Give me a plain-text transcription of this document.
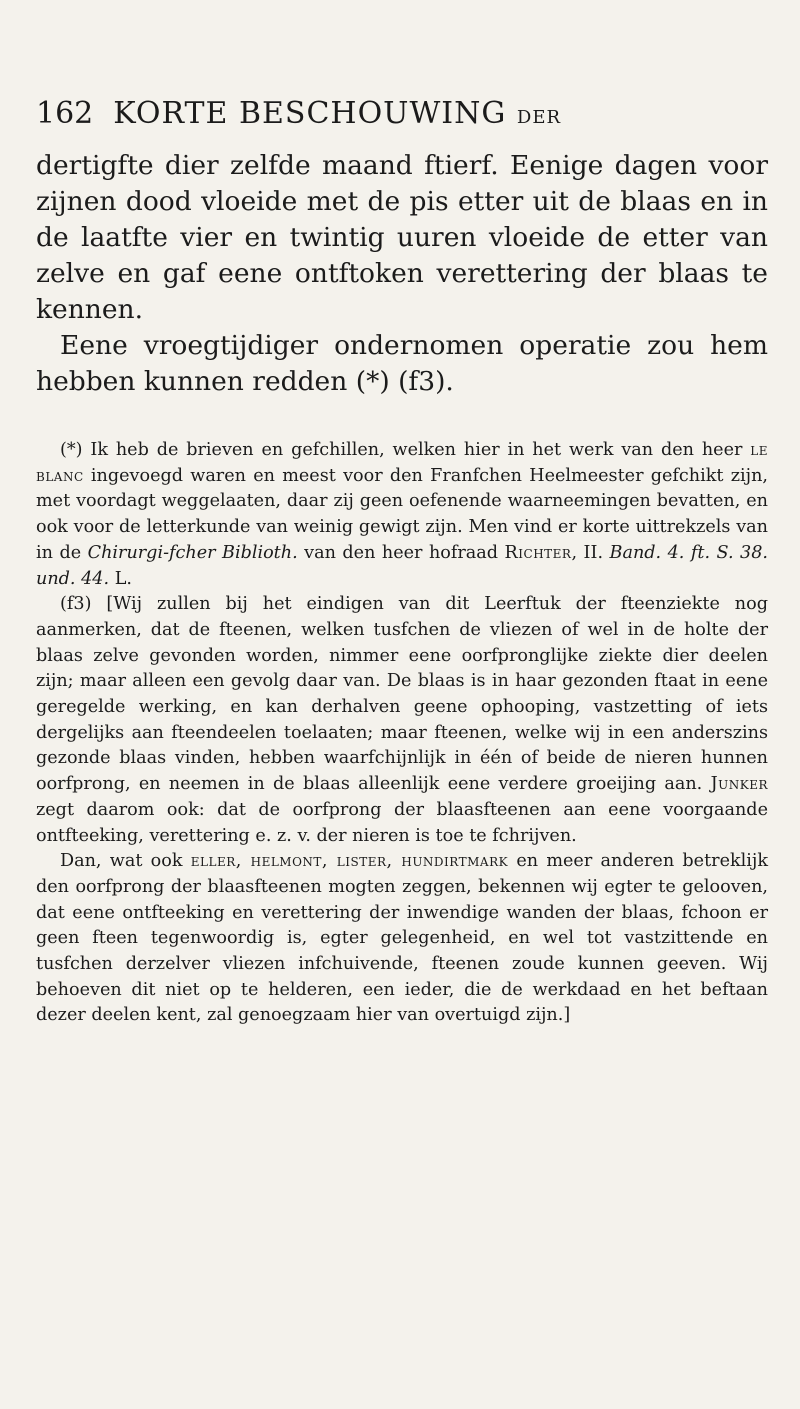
162 KORTE BESCHOUWING DER

dertigfte dier zelfde maand ftierf. Eenige dagen voor zijnen dood vloeide met de pis etter uit de blaas en in de laatfte vier en twintig uuren vloeide de etter van zelve en gaf eene ontftoken verettering der blaas te kennen.

Eene vroegtijdiger ondernomen operatie zou hem hebben kunnen redden (*) (f3).

(*) Ik heb de brieven en gefchillen, welken hier in het werk van den heer le blanc ingevoegd waren en meest voor den Franfchen Heelmeester gefchikt zijn, met voordagt weggelaaten, daar zij geen oefenende waarneemingen bevatten, en ook voor de letterkunde van weinig gewigt zijn. Men vind er korte uittrekzels van in de Chirurgi-fcher Biblioth. van den heer hofraad Richter, II. Band. 4. ft. S. 38. und. 44. L.

(f3) [Wij zullen bij het eindigen van dit Leerftuk der fteenziekte nog aanmerken, dat de fteenen, welken tusfchen de vliezen of wel in de holte der blaas zelve gevonden worden, nimmer eene oorfpronglijke ziekte dier deelen zijn; maar alleen een gevolg daar van. De blaas is in haar gezonden ftaat in eene geregelde werking, en kan derhalven geene ophooping, vastzetting of iets dergelijks aan fteendeelen toelaaten; maar fteenen, welke wij in een anderszins gezonde blaas vinden, hebben waarfchijnlijk in één of beide de nieren hunnen oorfprong, en neemen in de blaas alleenlijk eene verdere groeijing aan. Junker zegt daarom ook: dat de oorfprong der blaasfteenen aan eene voorgaande ontfteeking, verettering e. z. v. der nieren is toe te fchrijven.

Dan, wat ook eller, helmont, lister, hundirtmark en meer anderen betreklijk den oorfprong der blaasfteenen mogten zeggen, bekennen wij egter te gelooven, dat eene ontfteeking en verettering der inwendige wanden der blaas, fchoon er geen fteen tegenwoordig is, egter gelegenheid, en wel tot vastzittende en tusfchen derzelver vliezen infchuivende, fteenen zoude kunnen geeven. Wij behoeven dit niet op te helderen, een ieder, die de werkdaad en het beftaan dezer deelen kent, zal genoegzaam hier van overtuigd zijn.]
